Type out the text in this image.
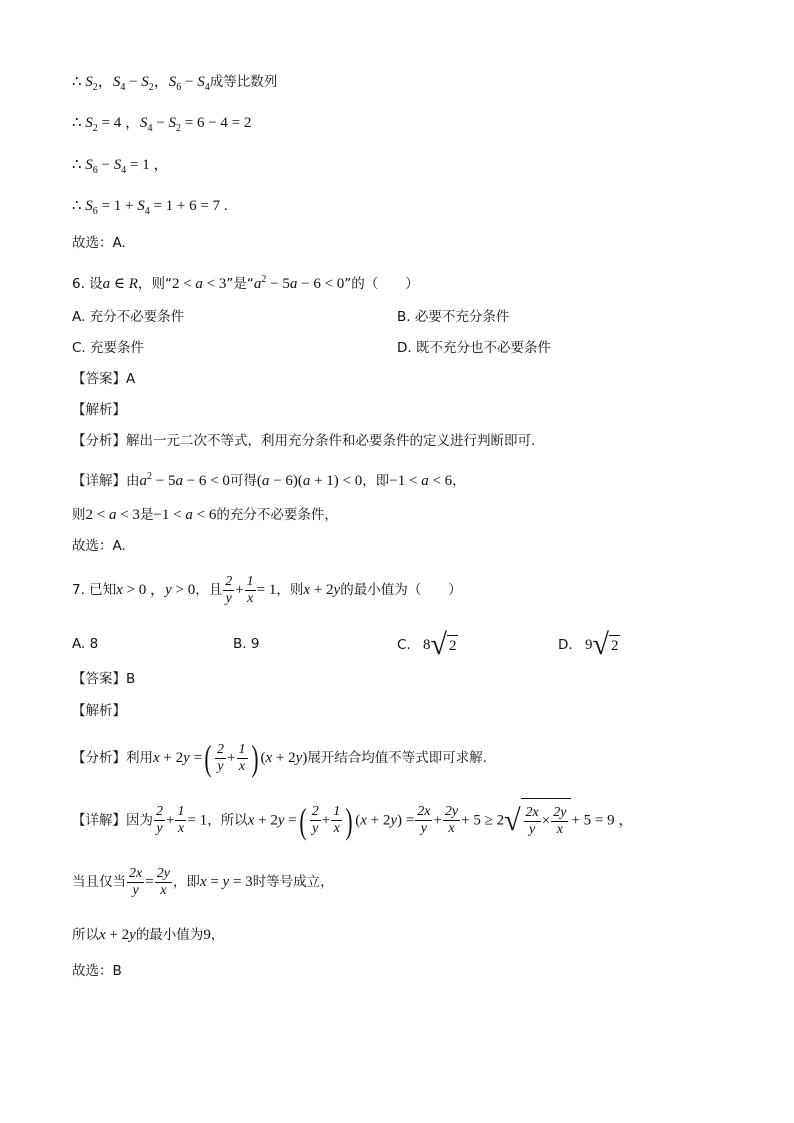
∴ $S_2$，$S_4 - S_2$，$S_6 - S_4$成等比数列
∴ $S_2 = 4$ ，$S_4 - S_2 = 6 - 4 = 2$
∴ $S_6 - S_4 = 1$ ，
∴ $S_6 = 1 + S_4 = 1 + 6 = 7$ .
故选：A.
6. 设a ∈ R，则“2 < a < 3”是“$a^2 - 5a - 6 < 0$”的（　　）
A. 充分不必要条件	B. 必要不充分条件
C. 充要条件	D. 既不充分也不必要条件
【答案】A
【解析】
【分析】解出一元二次不等式，利用充分条件和必要条件的定义进行判断即可.
【详解】由$a^2 - 5a - 6 < 0$可得(a − 6)(a + 1) < 0，即−1 < a < 6，
则2 < a < 3是−1 < a < 6的充分不必要条件，
故选：A.
7. 已知x > 0 ，y > 0，且 $\frac{2}{y} + \frac{1}{x} = 1$，则x + 2y的最小值为（　　）
A. 8	B. 9	C. 8 √ 2	D. 9 √ 2
【答案】B
【解析】
【分析】利用x + 2y =( $\frac{2}{y} + \frac{1}{x}$ ) (x + 2y)展开结合均值不等式即可求解.
【详解】因为 $\frac{2}{y} + \frac{1}{x} = 1$，所以x + 2y =( $\frac{2}{y} + \frac{1}{x}$ ) $(x + 2y) = \frac{2x}{y} + \frac{2y}{x} + 5 \ge 2$ √ $\frac{2x}{y} \times \frac{2y}{x} + 5 = 9$ ，
当且仅当 $\frac{2x}{y} = \frac{2y}{x}$ ，即x = y = 3时等号成立，
所以x + 2y的最小值为9，
故选：B
